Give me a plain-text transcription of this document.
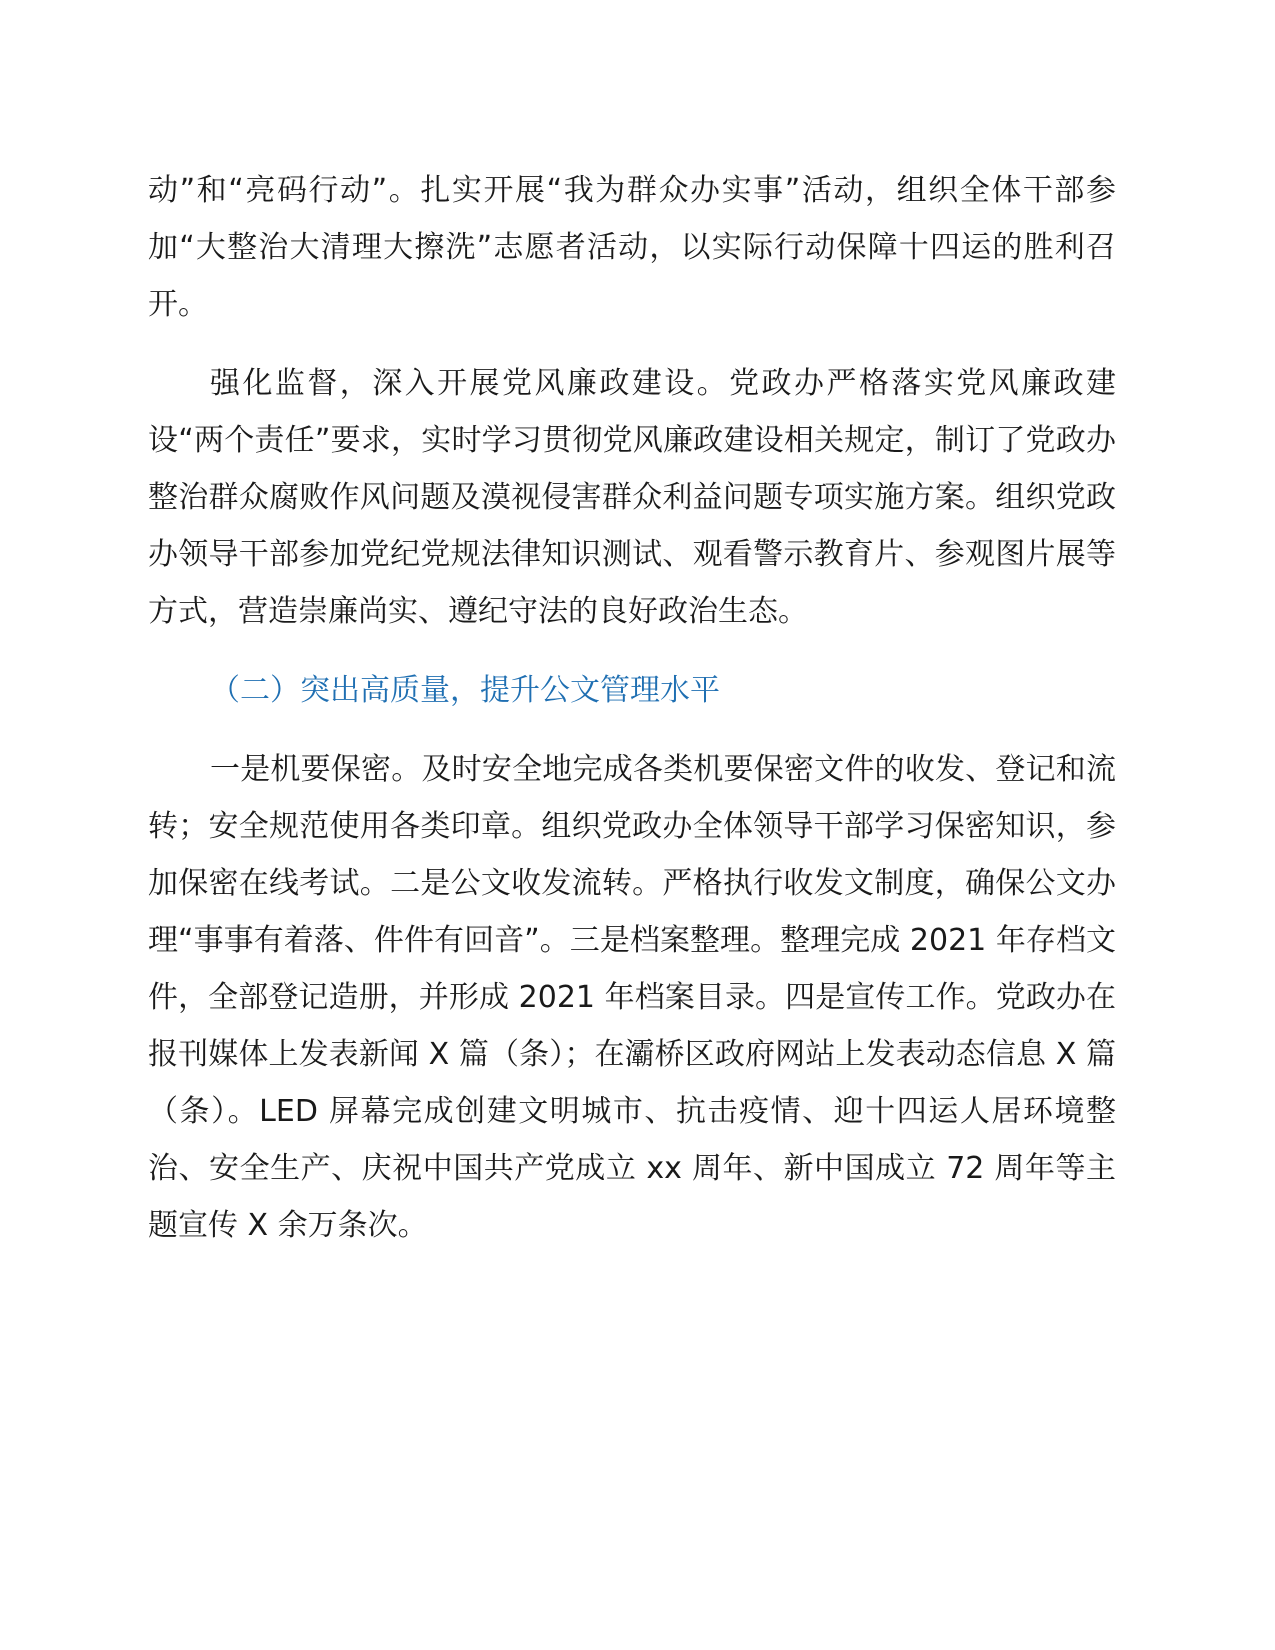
动”和“亮码行动”。扎实开展“我为群众办实事”活动，组织全体干部参加“大整治大清理大擦洗”志愿者活动，以实际行动保障十四运的胜利召开。

强化监督，深入开展党风廉政建设。党政办严格落实党风廉政建设“两个责任”要求，实时学习贯彻党风廉政建设相关规定，制订了党政办整治群众腐败作风问题及漠视侵害群众利益问题专项实施方案。组织党政办领导干部参加党纪党规法律知识测试、观看警示教育片、参观图片展等方式，营造崇廉尚实、遵纪守法的良好政治生态。

（二）突出高质量，提升公文管理水平

一是机要保密。及时安全地完成各类机要保密文件的收发、登记和流转；安全规范使用各类印章。组织党政办全体领导干部学习保密知识，参加保密在线考试。二是公文收发流转。严格执行收发文制度，确保公文办理“事事有着落、件件有回音”。三是档案整理。整理完成 2021 年存档文件，全部登记造册，并形成 2021 年档案目录。四是宣传工作。党政办在报刊媒体上发表新闻 X 篇（条）；在灞桥区政府网站上发表动态信息 X 篇（条）。LED 屏幕完成创建文明城市、抗击疫情、迎十四运人居环境整治、安全生产、庆祝中国共产党成立 xx 周年、新中国成立 72 周年等主题宣传 X 余万条次。
